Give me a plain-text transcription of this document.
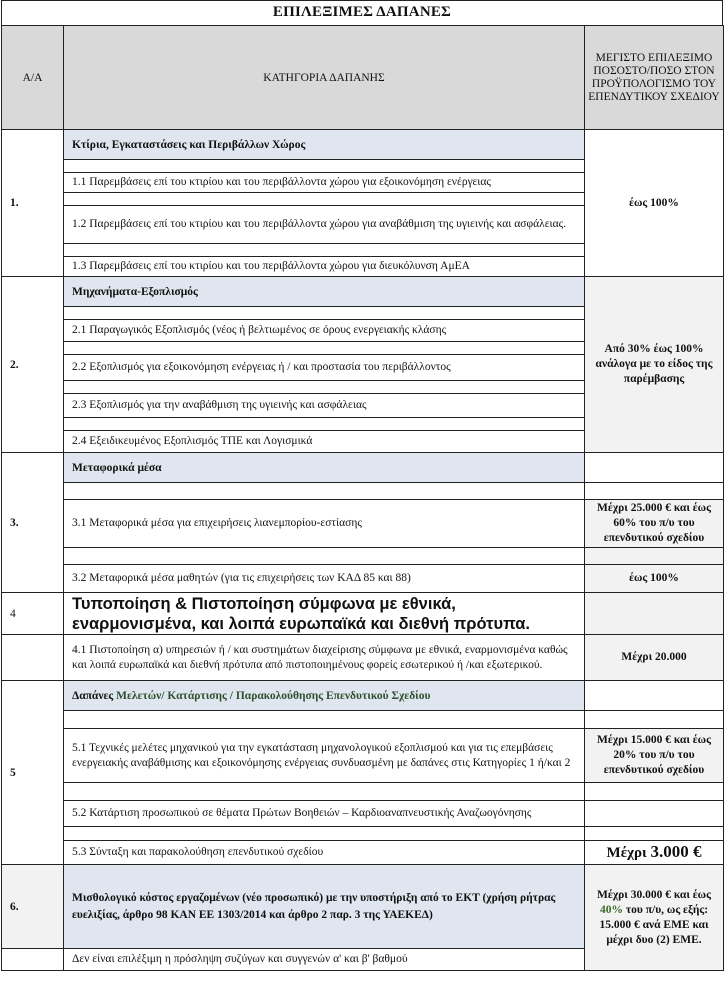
ΕΠΙΛΕΞΙΜΕΣ ΔΑΠΑΝΕΣ
Α/Α	ΚΑΤΗΓΟΡΙΑ ΔΑΠΑΝΗΣ	ΜΕΓΙΣΤΟ ΕΠΙΛΕΞΙΜΟ ΠΟΣΟΣΤΟ/ΠΟΣΟ ΣΤΟΝ ΠΡΟΫΠΟΛΟΓΙΣΜΟ ΤΟΥ ΕΠΕΝΔΥΤΙΚΟΥ ΣΧΕΔΙΟΥ
1.	Κτίρια, Εγκαταστάσεις και Περιβάλλων Χώρος	έως 100%

	1.1 Παρεμβάσεις επί του κτιρίου και του περιβάλλοντα χώρου για εξοικονόμηση ενέργειας	

	1.2 Παρεμβάσεις επί του κτιρίου και του περιβάλλοντα χώρου για αναβάθμιση της υγιεινής και ασφάλειας.	

	1.3 Παρεμβάσεις επί του κτιρίου και του περιβάλλοντα χώρου για διευκόλυνση ΑμΕΑ	
2.	Μηχανήματα-Εξοπλισμός	Από 30% έως 100% ανάλογα με το είδος της παρέμβασης

	2.1 Παραγωγικός Εξοπλισμός (νέος ή βελτιωμένος σε όρους ενεργειακής κλάσης	

	2.2 Εξοπλισμός για εξοικονόμηση ενέργειας ή / και προστασία του περιβάλλοντος	

	2.3 Εξοπλισμός για την αναβάθμιση της υγιεινής και ασφάλειας	

	2.4 Εξειδικευμένος Εξοπλισμός ΤΠΕ και Λογισμικά	
3.	Μεταφορικά μέσα	

	3.1 Μεταφορικά μέσα για επιχειρήσεις λιανεμπορίου-εστίασης	Μέχρι 25.000 € και έως 60% του π/υ του επενδυτικού σχεδίου

	3.2 Μεταφορικά μέσα μαθητών (για τις επιχειρήσεις των ΚΑΔ 85 και 88)	έως 100%
4	Τυποποίηση & Πιστοποίηση σύμφωνα με εθνικά, εναρμονισμένα, και λοιπά ευρωπαϊκά και διεθνή πρότυπα.	
	4.1 Πιστοποίηση α) υπηρεσιών ή / και συστημάτων διαχείρισης σύμφωνα με εθνικά, εναρμονισμένα καθώς και λοιπά ευρωπαϊκά και διεθνή πρότυπα από πιστοποιημένους φορείς εσωτερικού ή /και εξωτερικού.	Μέχρι 20.000
5	Δαπάνες Μελετών/ Κατάρτισης / Παρακολούθησης Επενδυτικού Σχεδίου	

	5.1 Τεχνικές μελέτες μηχανικού για την εγκατάσταση μηχανολογικού εξοπλισμού και για τις επεμβάσεις ενεργειακής αναβάθμισης και εξοικονόμησης ενέργειας συνδυασμένη με δαπάνες στις Κατηγορίες 1 ή/και 2	Μέχρι 15.000 € και έως 20% του π/υ του επενδυτικού σχεδίου

	5.2 Κατάρτιση προσωπικού σε θέματα Πρώτων Βοηθειών – Καρδιοαναπνευστικής Αναζωογόνησης	

	5.3 Σύνταξη και παρακολούθηση επενδυτικού σχεδίου	Μέχρι 3.000 €
6.	Μισθολογικό κόστος εργαζομένων (νέο προσωπικό) με την υποστήριξη από το ΕΚΤ (χρήση ρήτρας ευελιξίας, άρθρο 98 ΚΑΝ ΕΕ 1303/2014 και άρθρο 2 παρ. 3 της ΥΑΕΚΕΔ)	Μέχρι 30.000 € και έως 40% του π/υ, ως εξής: 15.000 € ανά ΕΜΕ και μέχρι δυο (2) ΕΜΕ.
	Δεν είναι επιλέξιμη η πρόσληψη συζύγων και συγγενών α' και β' βαθμού	
